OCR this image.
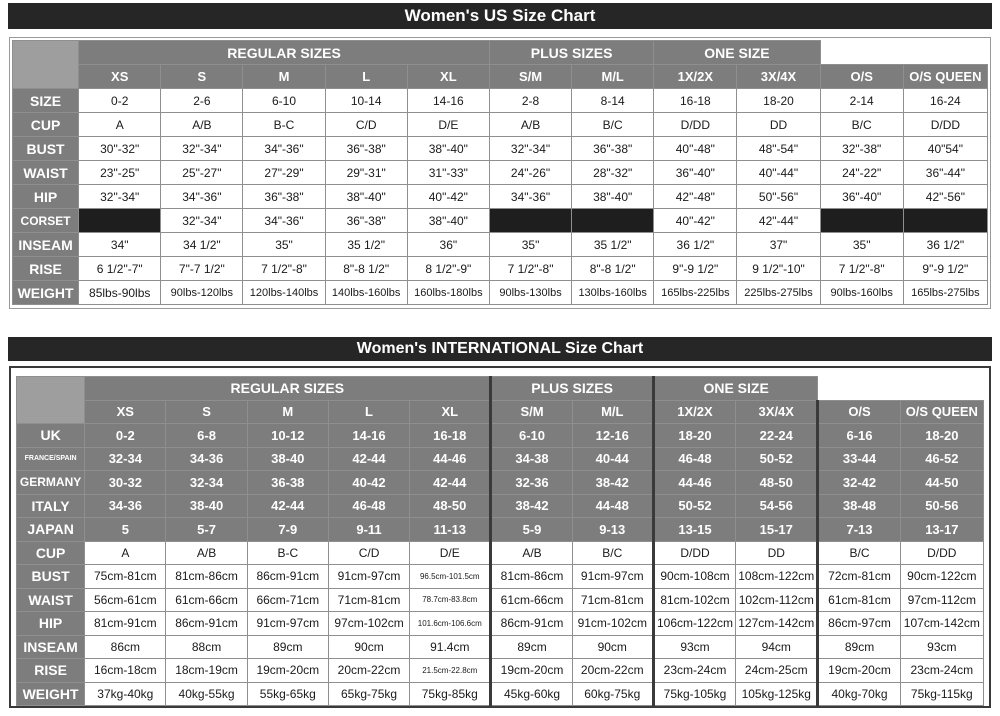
Women's US Size Chart
	REGULAR SIZES					PLUS SIZES		ONE SIZE			
	XS	S	M	L	XL	S/M	M/L	1X/2X	3X/4X	O/S	O/S QUEEN
SIZE	0-2	2-6	6-10	10-14	14-16	2-8	8-14	16-18	18-20	2-14	16-24
CUP	A	A/B	B-C	C/D	D/E	A/B	B/C	D/DD	DD	B/C	D/DD
BUST	30"-32"	32"-34"	34"-36"	36"-38"	38"-40"	32"-34"	36"-38"	40"-48"	48"-54"	32"-38"	40"54"
WAIST	23"-25"	25"-27"	27"-29"	29"-31"	31"-33"	24"-26"	28"-32"	36"-40"	40"-44"	24"-22"	36"-44"
HIP	32"-34"	34"-36"	36"-38"	38"-40"	40"-42"	34"-36"	38"-40"	42"-48"	50"-56"	36"-40"	42"-56"
CORSET		32"-34"	34"-36"	36"-38"	38"-40"			40"-42"	42"-44"		
INSEAM	34"	34 1/2"	35"	35 1/2"	36"	35"	35 1/2"	36 1/2"	37"	35"	36 1/2"
RISE	6 1/2"-7"	7"-7 1/2"	7 1/2"-8"	8"-8 1/2"	8 1/2"-9"	7 1/2"-8"	8"-8 1/2"	9"-9 1/2"	9 1/2"-10"	7 1/2"-8"	9"-9 1/2"
WEIGHT	85lbs-90lbs	90lbs-120lbs	120lbs-140lbs	140lbs-160lbs	160lbs-180lbs	90lbs-130lbs	130lbs-160lbs	165lbs-225lbs	225lbs-275lbs	90lbs-160lbs	165lbs-275lbs
Women's INTERNATIONAL Size Chart
	REGULAR SIZES					PLUS SIZES		ONE SIZE			
	XS	S	M	L	XL	S/M	M/L	1X/2X	3X/4X	O/S	O/S QUEEN
UK	0-2	6-8	10-12	14-16	16-18	6-10	12-16	18-20	22-24	6-16	18-20
FRANCE/SPAIN	32-34	34-36	38-40	42-44	44-46	34-38	40-44	46-48	50-52	33-44	46-52
GERMANY	30-32	32-34	36-38	40-42	42-44	32-36	38-42	44-46	48-50	32-42	44-50
ITALY	34-36	38-40	42-44	46-48	48-50	38-42	44-48	50-52	54-56	38-48	50-56
JAPAN	5	5-7	7-9	9-11	11-13	5-9	9-13	13-15	15-17	7-13	13-17
CUP	A	A/B	B-C	C/D	D/E	A/B	B/C	D/DD	DD	B/C	D/DD
BUST	75cm-81cm	81cm-86cm	86cm-91cm	91cm-97cm	96.5cm-101.5cm	81cm-86cm	91cm-97cm	90cm-108cm	108cm-122cm	72cm-81cm	90cm-122cm
WAIST	56cm-61cm	61cm-66cm	66cm-71cm	71cm-81cm	78.7cm-83.8cm	61cm-66cm	71cm-81cm	81cm-102cm	102cm-112cm	61cm-81cm	97cm-112cm
HIP	81cm-91cm	86cm-91cm	91cm-97cm	97cm-102cm	101.6cm-106.6cm	86cm-91cm	91cm-102cm	106cm-122cm	127cm-142cm	86cm-97cm	107cm-142cm
INSEAM	86cm	88cm	89cm	90cm	91.4cm	89cm	90cm	93cm	94cm	89cm	93cm
RISE	16cm-18cm	18cm-19cm	19cm-20cm	20cm-22cm	21.5cm-22.8cm	19cm-20cm	20cm-22cm	23cm-24cm	24cm-25cm	19cm-20cm	23cm-24cm
WEIGHT	37kg-40kg	40kg-55kg	55kg-65kg	65kg-75kg	75kg-85kg	45kg-60kg	60kg-75kg	75kg-105kg	105kg-125kg	40kg-70kg	75kg-115kg
